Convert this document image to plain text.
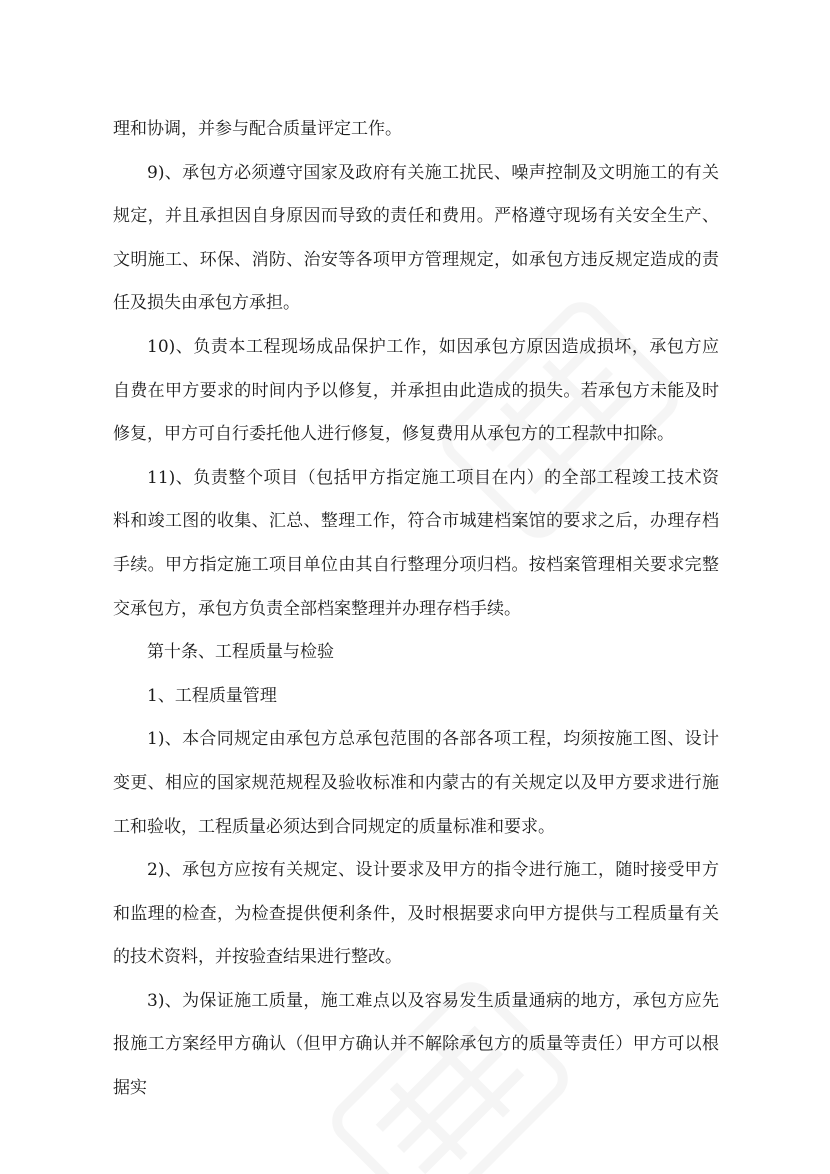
理和协调，并参与配合质量评定工作。

9)、承包方必须遵守国家及政府有关施工扰民、噪声控制及文明施工的有关规定，并且承担因自身原因而导致的责任和费用。严格遵守现场有关安全生产、文明施工、环保、消防、治安等各项甲方管理规定，如承包方违反规定造成的责任及损失由承包方承担。

10)、负责本工程现场成品保护工作，如因承包方原因造成损坏，承包方应自费在甲方要求的时间内予以修复，并承担由此造成的损失。若承包方未能及时修复，甲方可自行委托他人进行修复，修复费用从承包方的工程款中扣除。

11)、负责整个项目（包括甲方指定施工项目在内）的全部工程竣工技术资料和竣工图的收集、汇总、整理工作，符合市城建档案馆的要求之后，办理存档手续。甲方指定施工项目单位由其自行整理分项归档。按档案管理相关要求完整交承包方，承包方负责全部档案整理并办理存档手续。

第十条、工程质量与检验

1、工程质量管理

1)、本合同规定由承包方总承包范围的各部各项工程，均须按施工图、设计变更、相应的国家规范规程及验收标准和内蒙古的有关规定以及甲方要求进行施工和验收，工程质量必须达到合同规定的质量标准和要求。

2)、承包方应按有关规定、设计要求及甲方的指令进行施工，随时接受甲方和监理的检查，为检查提供便利条件，及时根据要求向甲方提供与工程质量有关的技术资料，并按验查结果进行整改。

3)、为保证施工质量，施工难点以及容易发生质量通病的地方，承包方应先报施工方案经甲方确认（但甲方确认并不解除承包方的质量等责任）甲方可以根据实
